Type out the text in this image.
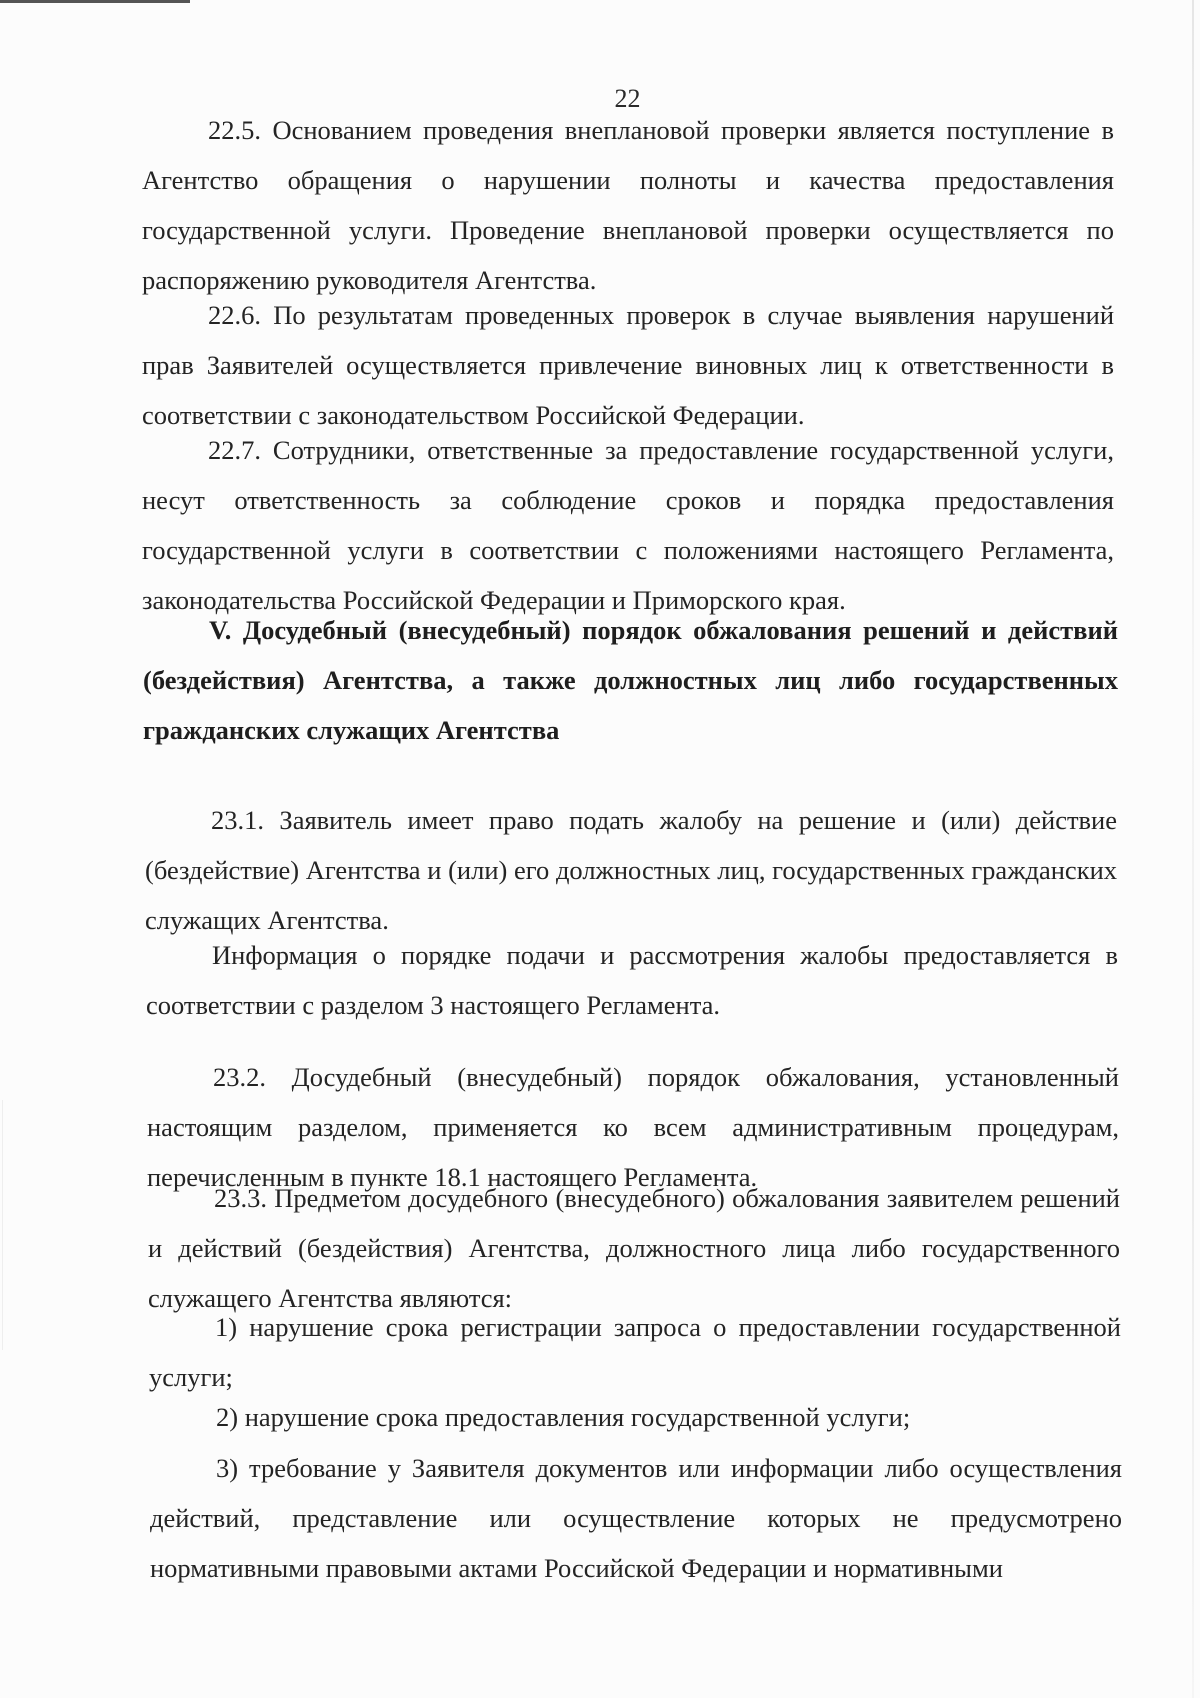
22

22.5. Основанием проведения внеплановой проверки является поступление в Агентство обращения о нарушении полноты и качества предоставления государственной услуги. Проведение внеплановой проверки осуществляется по распоряжению руководителя Агентства.

22.6. По результатам проведенных проверок в случае выявления нарушений прав Заявителей осуществляется привлечение виновных лиц к ответственности в соответствии с законодательством Российской Федерации.

22.7. Сотрудники, ответственные за предоставление государственной услуги, несут ответственность за соблюдение сроков и порядка предоставления государственной услуги в соответствии с положениями настоящего Регламента, законодательства Российской Федерации и Приморского края.

V. Досудебный (внесудебный) порядок обжалования решений и действий (бездействия) Агентства, а также должностных лиц либо государственных гражданских служащих Агентства

23.1. Заявитель имеет право подать жалобу на решение и (или) действие (бездействие) Агентства и (или) его должностных лиц, государственных гражданских служащих Агентства.

Информация о порядке подачи и рассмотрения жалобы предоставляется в соответствии с разделом 3 настоящего Регламента.

23.2. Досудебный (внесудебный) порядок обжалования, установленный настоящим разделом, применяется ко всем административным процедурам, перечисленным в пункте 18.1 настоящего Регламента.

23.3. Предметом досудебного (внесудебного) обжалования заявителем решений и действий (бездействия) Агентства, должностного лица либо государственного служащего Агентства являются:

1) нарушение срока регистрации запроса о предоставлении государственной услуги;

2) нарушение срока предоставления государственной услуги;

3) требование у Заявителя документов или информации либо осуществления действий, представление или осуществление которых не предусмотрено нормативными правовыми актами Российской Федерации и нормативными
